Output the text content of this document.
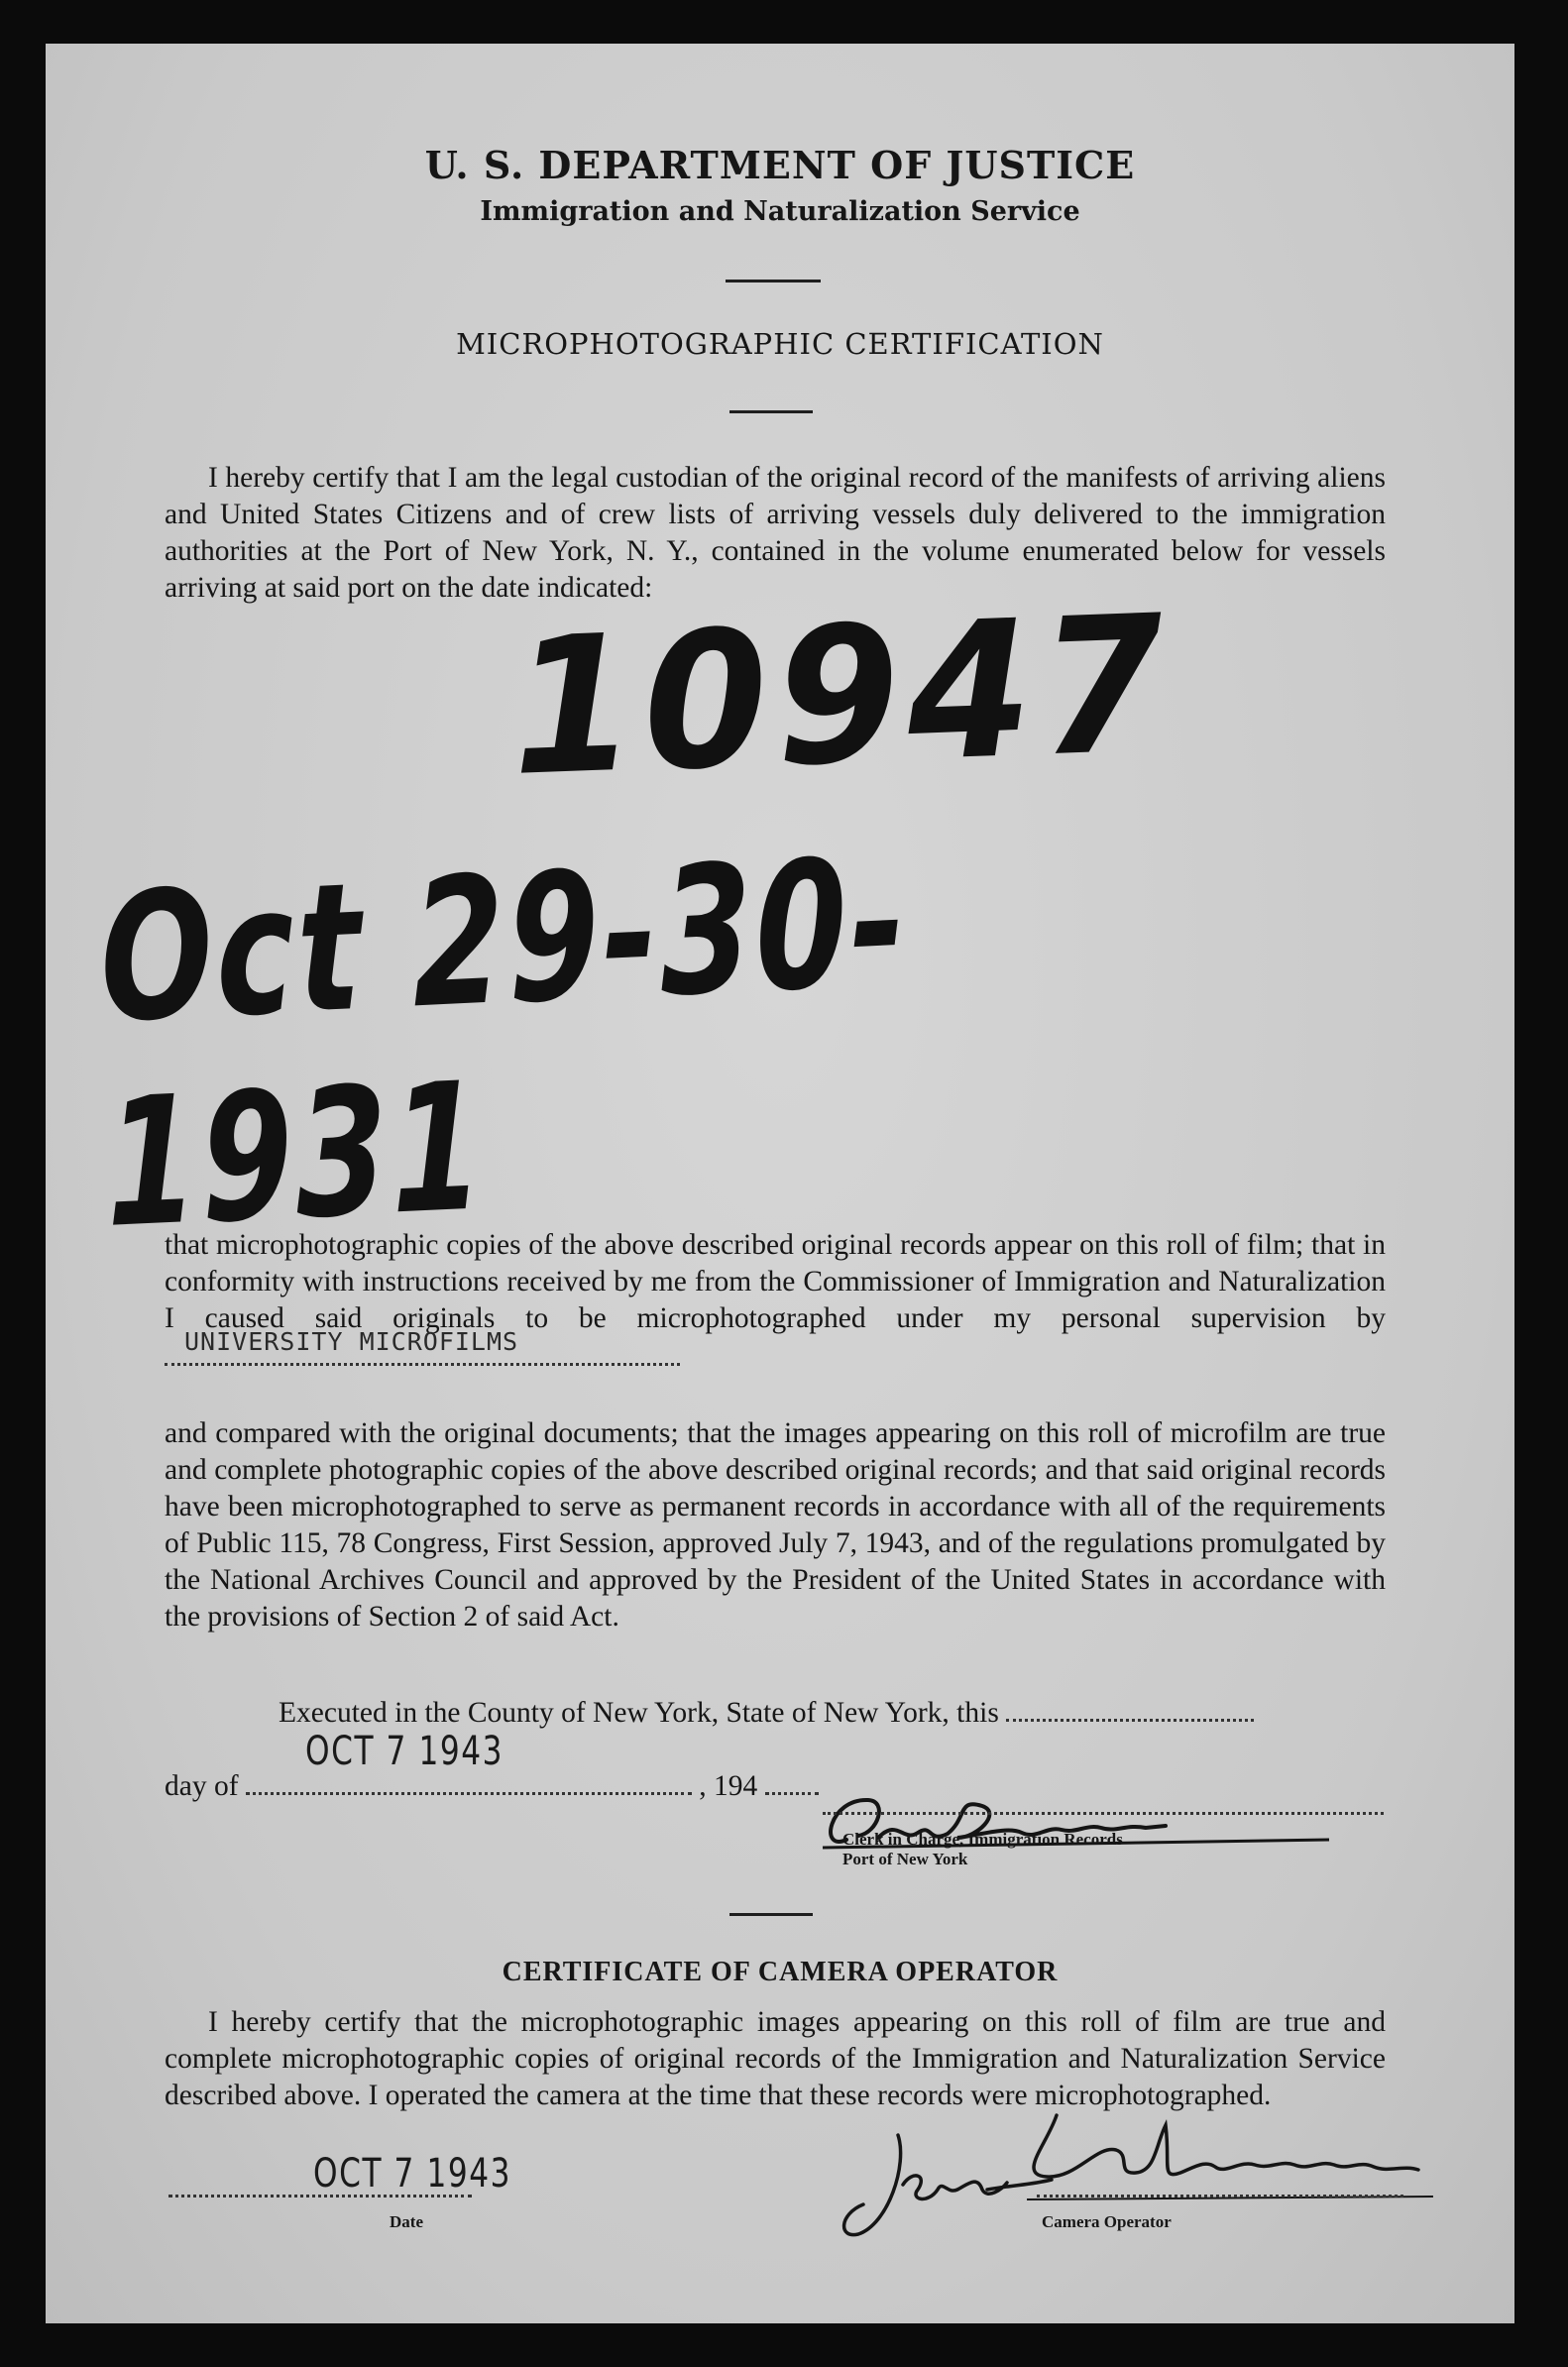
U. S. DEPARTMENT OF JUSTICE
Immigration and Naturalization Service
MICROPHOTOGRAPHIC CERTIFICATION
I hereby certify that I am the legal custodian of the original record of the manifests of arriving aliens and United States Citizens and of crew lists of arriving vessels duly delivered to the immigration authorities at the Port of New York, N. Y., contained in the volume enumerated below for vessels arriving at said port on the date indicated:
10947
Oct 29-30-1931
that microphotographic copies of the above described original records appear on this roll of film; that in conformity with instructions received by me from the Commissioner of Immigration and Naturalization I caused said originals to be microphotographed under my personal supervision by
UNIVERSITY MICROFILMS
and compared with the original documents; that the images appearing on this roll of microfilm are true and complete photographic copies of the above described original records; and that said original records have been microphotographed to serve as permanent records in accordance with all of the requirements of Public 115, 78 Congress, First Session, approved July 7, 1943, and of the regulations promulgated by the National Archives Council and approved by the President of the United States in accordance with the provisions of Section 2 of said Act.
Executed in the County of New York, State of New York, this
day of	, 194
OCT 7 1943
Clerk in Charge, Immigration Records
Port of New York
CERTIFICATE OF CAMERA OPERATOR
I hereby certify that the microphotographic images appearing on this roll of film are true and complete microphotographic copies of original records of the Immigration and Naturalization Service described above. I operated the camera at the time that these records were microphotographed.
OCT 7 1943
Date	Camera Operator
